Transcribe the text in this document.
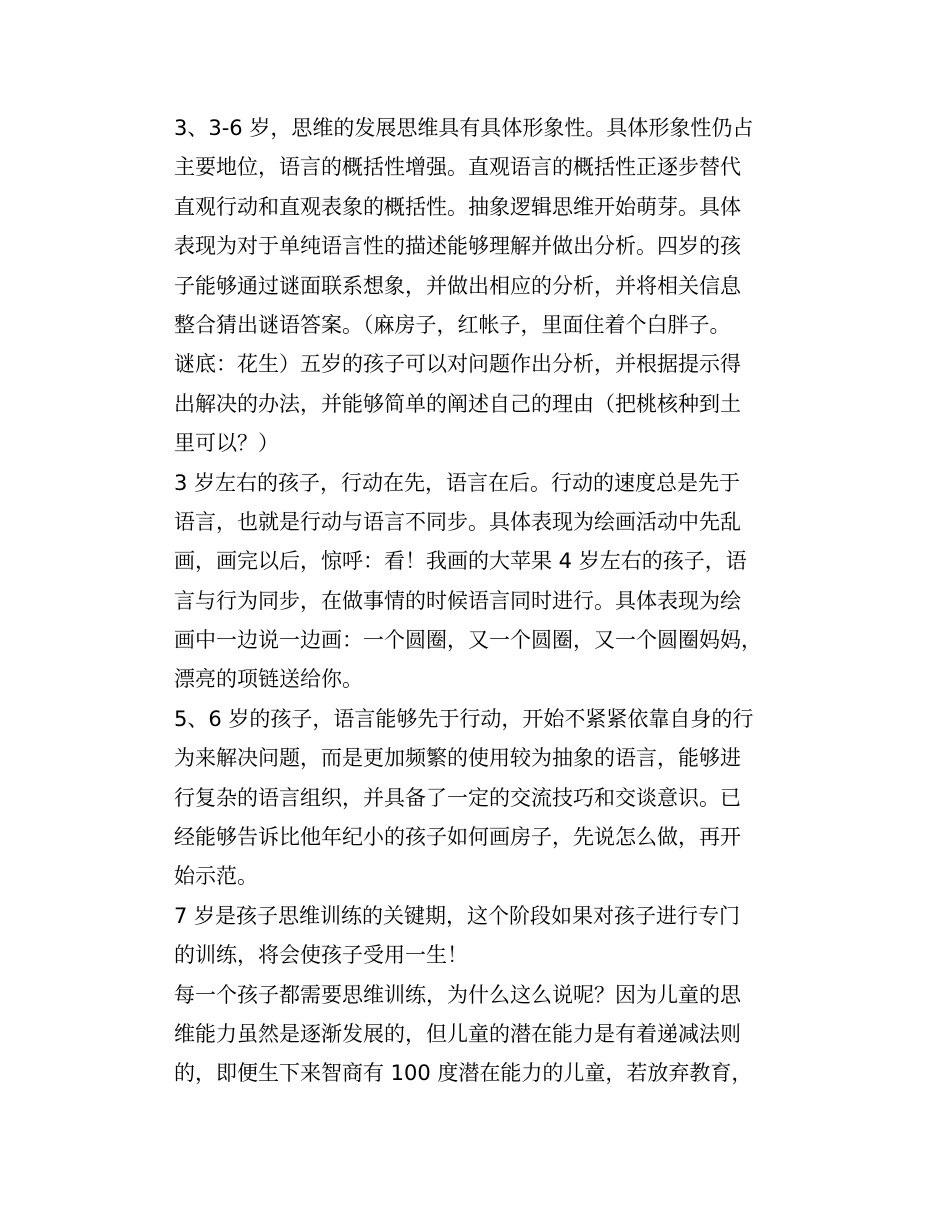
3、3-6 岁，思维的发展思维具有具体形象性。具体形象性仍占
主要地位，语言的概括性增强。直观语言的概括性正逐步替代
直观行动和直观表象的概括性。抽象逻辑思维开始萌芽。具体
表现为对于单纯语言性的描述能够理解并做出分析。四岁的孩
子能够通过谜面联系想象，并做出相应的分析，并将相关信息
整合猜出谜语答案。（麻房子，红帐子，里面住着个白胖子。
谜底：花生）五岁的孩子可以对问题作出分析，并根据提示得
出解决的办法，并能够简单的阐述自己的理由（把桃核种到土
里可以？）
3 岁左右的孩子，行动在先，语言在后。行动的速度总是先于
语言，也就是行动与语言不同步。具体表现为绘画活动中先乱
画，画完以后，惊呼：看！我画的大苹果 4 岁左右的孩子，语
言与行为同步，在做事情的时候语言同时进行。具体表现为绘
画中一边说一边画：一个圆圈，又一个圆圈，又一个圆圈妈妈，
漂亮的项链送给你。
5、6 岁的孩子，语言能够先于行动，开始不紧紧依靠自身的行
为来解决问题，而是更加频繁的使用较为抽象的语言，能够进
行复杂的语言组织，并具备了一定的交流技巧和交谈意识。已
经能够告诉比他年纪小的孩子如何画房子，先说怎么做，再开
始示范。
7 岁是孩子思维训练的关键期，这个阶段如果对孩子进行专门
的训练，将会使孩子受用一生！
每一个孩子都需要思维训练，为什么这么说呢？因为儿童的思
维能力虽然是逐渐发展的，但儿童的潜在能力是有着递减法则
的，即便生下来智商有 100 度潜在能力的儿童，若放弃教育，
